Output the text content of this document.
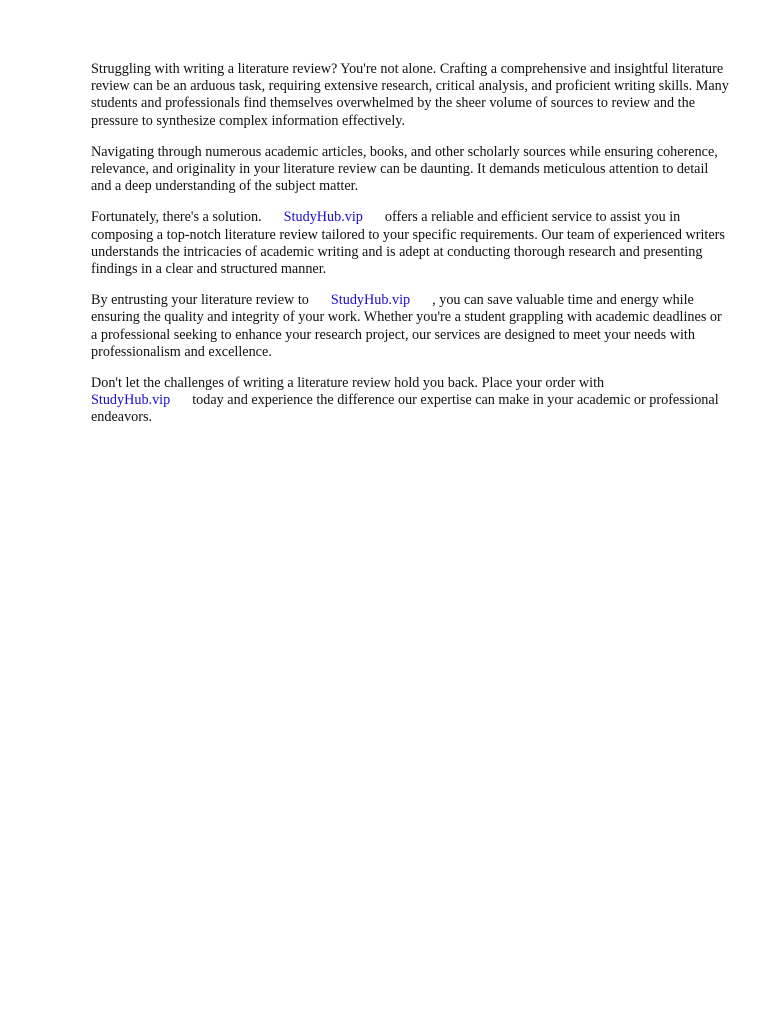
Struggling with writing a literature review? You're not alone. Crafting a comprehensive and insightful literature review can be an arduous task, requiring extensive research, critical analysis, and proficient writing skills. Many students and professionals find themselves overwhelmed by the sheer volume of sources to review and the pressure to synthesize complex information effectively.

Navigating through numerous academic articles, books, and other scholarly sources while ensuring coherence, relevance, and originality in your literature review can be daunting. It demands meticulous attention to detail and a deep understanding of the subject matter.

Fortunately, there's a solution. StudyHub.vip offers a reliable and efficient service to assist you in composing a top-notch literature review tailored to your specific requirements. Our team of experienced writers understands the intricacies of academic writing and is adept at conducting thorough research and presenting findings in a clear and structured manner.

By entrusting your literature review to StudyHub.vip , you can save valuable time and energy while ensuring the quality and integrity of your work. Whether you're a student grappling with academic deadlines or a professional seeking to enhance your research project, our services are designed to meet your needs with professionalism and excellence.

Don't let the challenges of writing a literature review hold you back. Place your order with StudyHub.vip today and experience the difference our expertise can make in your academic or professional endeavors.
